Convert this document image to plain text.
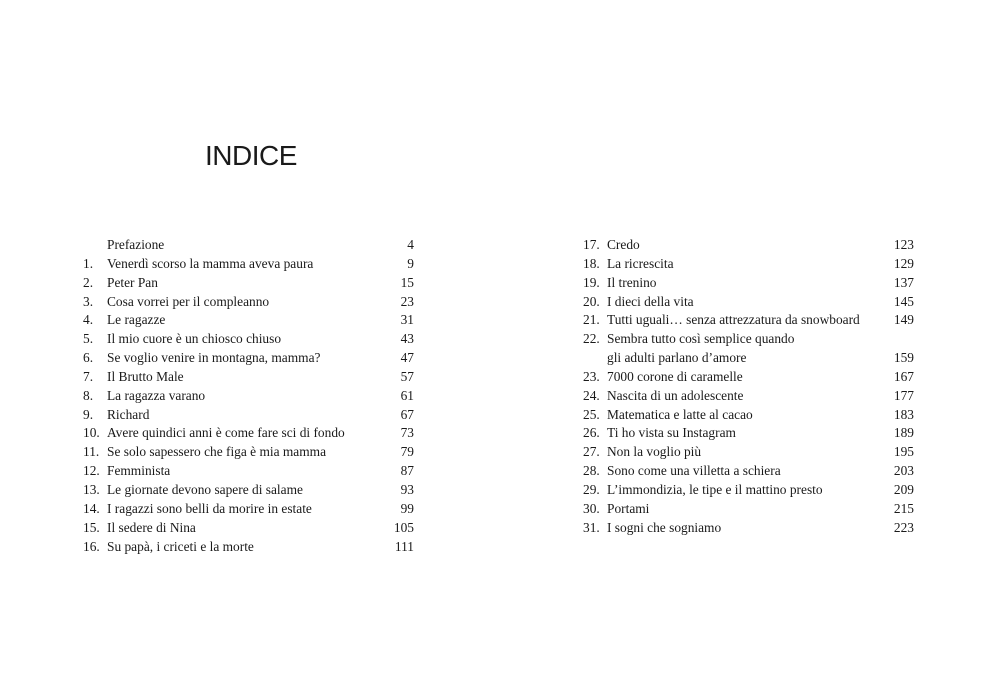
INDICE
Prefazione	4
1. Venerdì scorso la mamma aveva paura	9
2. Peter Pan	15
3. Cosa vorrei per il compleanno	23
4. Le ragazze	31
5. Il mio cuore è un chiosco chiuso	43
6. Se voglio venire in montagna, mamma?	47
7. Il Brutto Male	57
8. La ragazza varano	61
9. Richard	67
10. Avere quindici anni è come fare sci di fondo	73
11. Se solo sapessero che figa è mia mamma	79
12. Femminista	87
13. Le giornate devono sapere di salame	93
14. I ragazzi sono belli da morire in estate	99
15. Il sedere di Nina	105
16. Su papà, i criceti e la morte	111
17. Credo	123
18. La ricrescita	129
19. Il trenino	137
20. I dieci della vita	145
21. Tutti uguali… senza attrezzatura da snowboard	149
22. Sembra tutto così semplice quando
gli adulti parlano d’amore	159
23. 7000 corone di caramelle	167
24. Nascita di un adolescente	177
25. Matematica e latte al cacao	183
26. Ti ho vista su Instagram	189
27. Non la voglio più	195
28. Sono come una villetta a schiera	203
29. L’immondizia, le tipe e il mattino presto	209
30. Portami	215
31. I sogni che sogniamo	223
